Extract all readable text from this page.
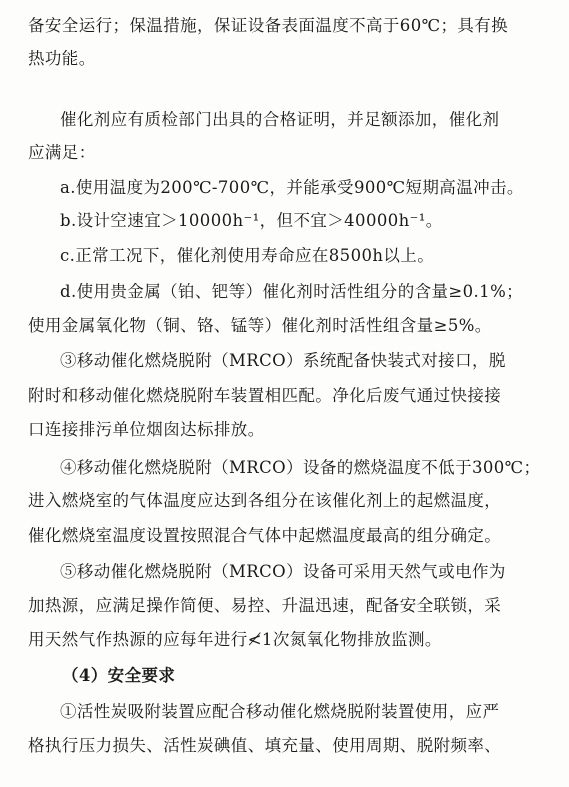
备安全运行；保温措施，保证设备表面温度不高于60℃；具有换
热功能。
催化剂应有质检部门出具的合格证明，并足额添加，催化剂
应满足：
a.使用温度为200℃-700℃，并能承受900℃短期高温冲击。
b.设计空速宜＞10000h⁻¹，但不宜＞40000h⁻¹。
c.正常工况下，催化剂使用寿命应在8500h以上。
d.使用贵金属（铂、钯等）催化剂时活性组分的含量≥0.1%；
使用金属氧化物（铜、铬、锰等）催化剂时活性组含量≥5%。
③移动催化燃烧脱附（MRCO）系统配备快装式对接口，脱
附时和移动催化燃烧脱附车装置相匹配。净化后废气通过快接接
口连接排污单位烟囱达标排放。
④移动催化燃烧脱附（MRCO）设备的燃烧温度不低于300℃；
进入燃烧室的气体温度应达到各组分在该催化剂上的起燃温度，
催化燃烧室温度设置按照混合气体中起燃温度最高的组分确定。
⑤移动催化燃烧脱附（MRCO）设备可采用天然气或电作为
加热源，应满足操作简便、易控、升温迅速，配备安全联锁，采
用天然气作热源的应每年进行≮1次氮氧化物排放监测。
（4）安全要求
①活性炭吸附装置应配合移动催化燃烧脱附装置使用，应严
格执行压力损失、活性炭碘值、填充量、使用周期、脱附频率、
